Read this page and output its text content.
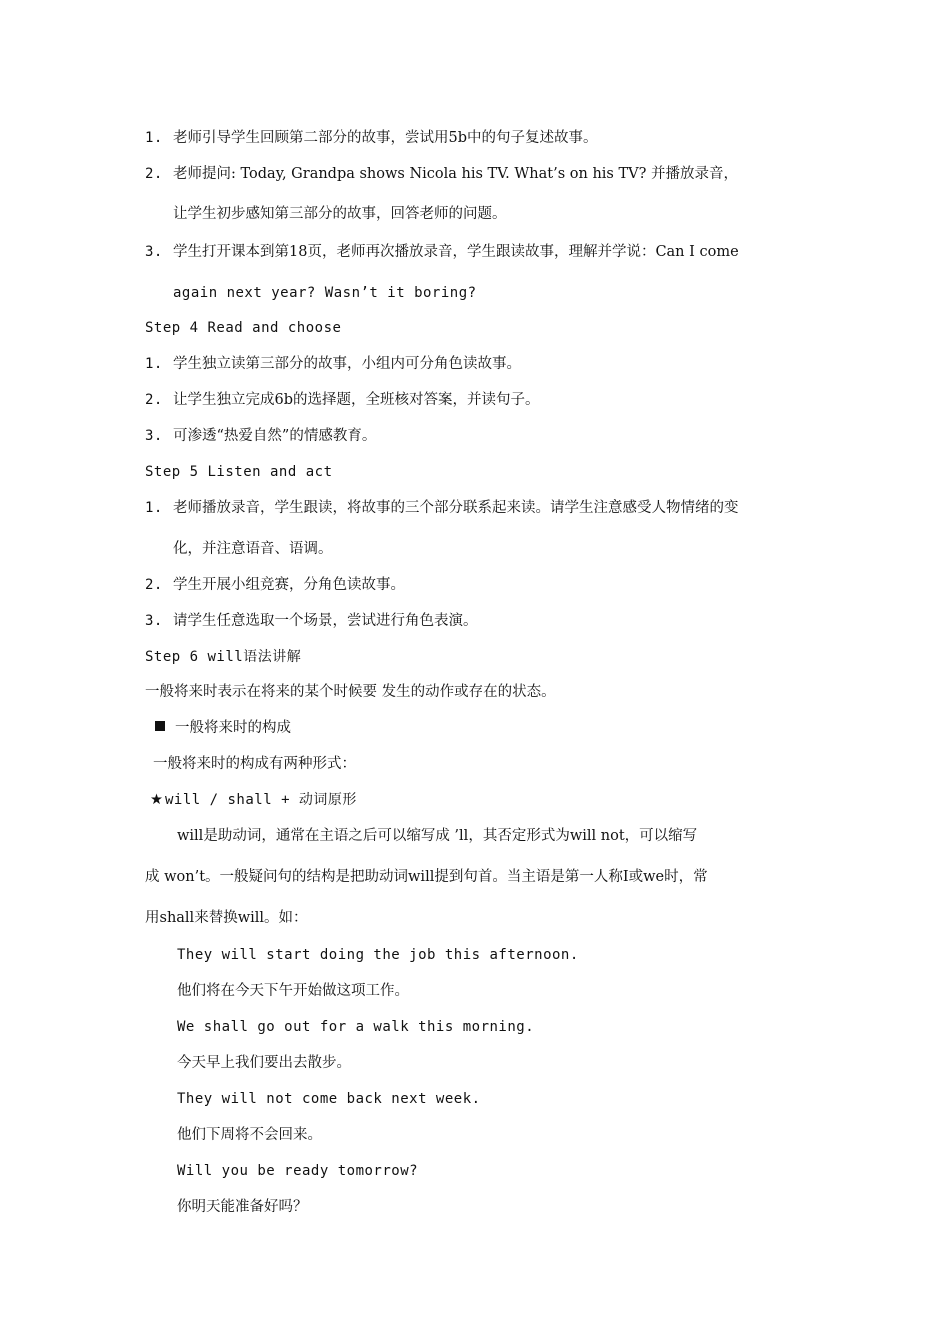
1. 老师引导学生回顾第二部分的故事，尝试用5b中的句子复述故事。
2. 老师提问: Today, Grandpa shows Nicola his TV. What’s on his TV? 并播放录音，
让学生初步感知第三部分的故事，回答老师的问题。
3. 学生打开课本到第18页，老师再次播放录音，学生跟读故事，理解并学说：Can I come
again next year? Wasn’t it boring?
Step 4 Read and choose
1. 学生独立读第三部分的故事，小组内可分角色读故事。
2. 让学生独立完成6b的选择题，全班核对答案，并读句子。
3. 可渗透“热爱自然”的情感教育。
Step 5 Listen and act
1. 老师播放录音，学生跟读，将故事的三个部分联系起来读。请学生注意感受人物情绪的变
化，并注意语音、语调。
2. 学生开展小组竞赛，分角色读故事。
3. 请学生任意选取一个场景，尝试进行角色表演。
Step 6 will语法讲解
一般将来时表示在将来的某个时候要 发生的动作或存在的状态。
一般将来时的构成
一般将来时的构成有两种形式：
★ will / shall + 动词原形
will是助动词，通常在主语之后可以缩写成 ’ll，其否定形式为will not，可以缩写
成 won’t。一般疑问句的结构是把助动词will提到句首。当主语是第一人称I或we时，常
用shall来替换will。如：
They will start doing the job this afternoon.
他们将在今天下午开始做这项工作。
We shall go out for a walk this morning.
今天早上我们要出去散步。
They will not come back next week.
他们下周将不会回来。
Will you be ready tomorrow?
你明天能准备好吗？
